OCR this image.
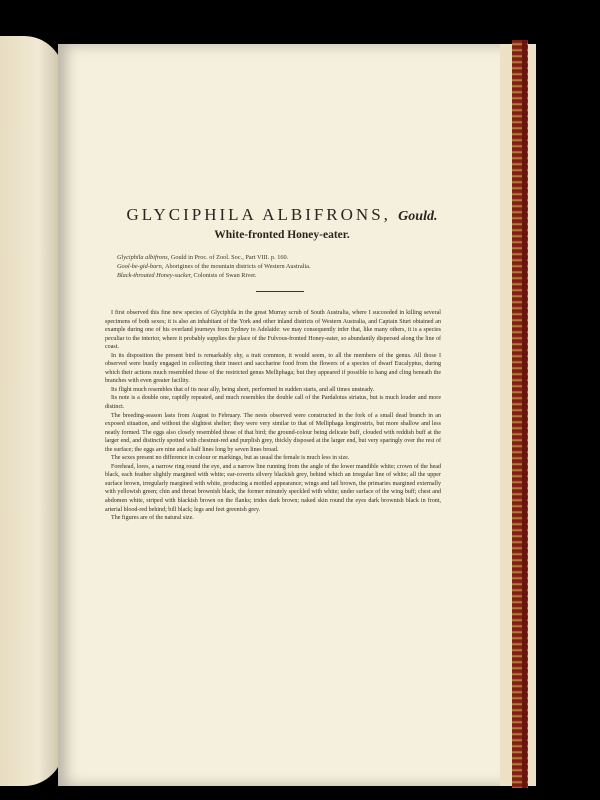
GLYCIPHILA ALBIFRONS, Gould.
White-fronted Honey-eater.
Glyciphila albifrons, Gould in Proc. of Zool. Soc., Part VIII. p. 160.
Gool-be-gid-barn, Aborigines of the mountain districts of Western Australia.
Black-throated Honey-sucker, Colonists of Swan River.

I first observed this fine new species of Glyciphila in the great Murray scrub of South Australia, where I succeeded in killing several specimens of both sexes; it is also an inhabitant of the York and other inland districts of Western Australia, and Captain Sturt obtained an example during one of his overland journeys from Sydney to Adelaide: we may consequently infer that, like many others, it is a species peculiar to the interior, where it probably supplies the place of the Fulvous-fronted Honey-eater, so abundantly dispersed along the line of coast.

In its disposition the present bird is remarkably shy, a trait common, it would seem, to all the members of the genus. All those I observed were busily engaged in collecting their insect and saccharine food from the flowers of a species of dwarf Eucalyptus, during which their actions much resembled those of the restricted genus Melliphaga; but they appeared if possible to hang and cling beneath the branches with even greater facility.

Its flight much resembles that of its near ally, being short, performed in sudden starts, and all times unsteady.

Its note is a double one, rapidly repeated, and much resembles the double call of the Pardalotus striatus, but is much louder and more distinct.

The breeding-season lasts from August to February. The nests observed were constructed in the fork of a small dead branch in an exposed situation, and without the slightest shelter; they were very similar to that of Melliphaga longirostris, but more shallow and less neatly formed. The eggs also closely resembled those of that bird; the ground-colour being delicate buff, clouded with reddish buff at the larger end, and distinctly spotted with chestnut-red and purplish grey, thickly disposed at the larger end, but very sparingly over the rest of the surface; the eggs are nine and a half lines long by seven lines broad.

The sexes present no difference in colour or markings, but as usual the female is much less in size.

Forehead, lores, a narrow ring round the eye, and a narrow line running from the angle of the lower mandible white; crown of the head black, each feather slightly margined with white; ear-coverts silvery blackish grey, behind which an irregular line of white; all the upper surface brown, irregularly margined with white, producing a mottled appearance; wings and tail brown, the primaries margined externally with yellowish green; chin and throat brownish black, the former minutely speckled with white; under surface of the wing buff; chest and abdomen white, striped with blackish brown on the flanks; irides dark brown; naked skin round the eyes dark brownish black in front, arterial blood-red behind; bill black; legs and feet greenish grey.

The figures are of the natural size.
